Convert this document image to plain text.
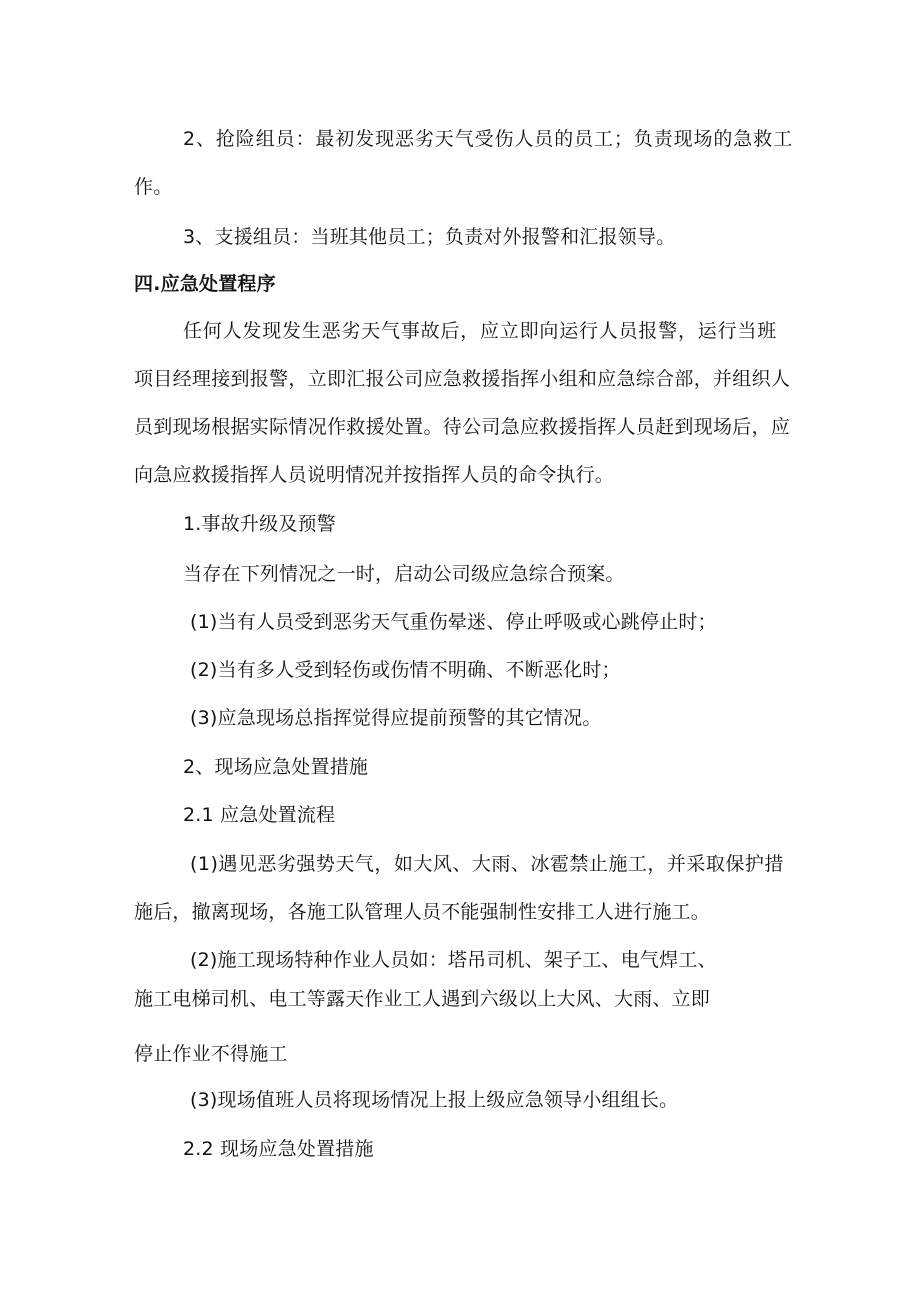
2、抢险组员：最初发现恶劣天气受伤人员的员工；负责现场的急救工
作。
3、支援组员：当班其他员工；负责对外报警和汇报领导。
四.应急处置程序
任何人发现发生恶劣天气事故后，应立即向运行人员报警，运行当班
项目经理接到报警，立即汇报公司应急救援指挥小组和应急综合部，并组织人
员到现场根据实际情况作救援处置。待公司急应救援指挥人员赶到现场后，应
向急应救援指挥人员说明情况并按指挥人员的命令执行。
1.事故升级及预警
当存在下列情况之一时，启动公司级应急综合预案。
(1)当有人员受到恶劣天气重伤晕迷、停止呼吸或心跳停止时；
(2)当有多人受到轻伤或伤情不明确、不断恶化时；
(3)应急现场总指挥觉得应提前预警的其它情况。
2、现场应急处置措施
2.1 应急处置流程
(1)遇见恶劣强势天气，如大风、大雨、冰雹禁止施工，并采取保护措
施后，撤离现场，各施工队管理人员不能强制性安排工人进行施工。
(2)施工现场特种作业人员如：塔吊司机、架子工、电气焊工、
施工电梯司机、电工等露天作业工人遇到六级以上大风、大雨、立即
停止作业不得施工
(3)现场值班人员将现场情况上报上级应急领导小组组长。
2.2 现场应急处置措施
